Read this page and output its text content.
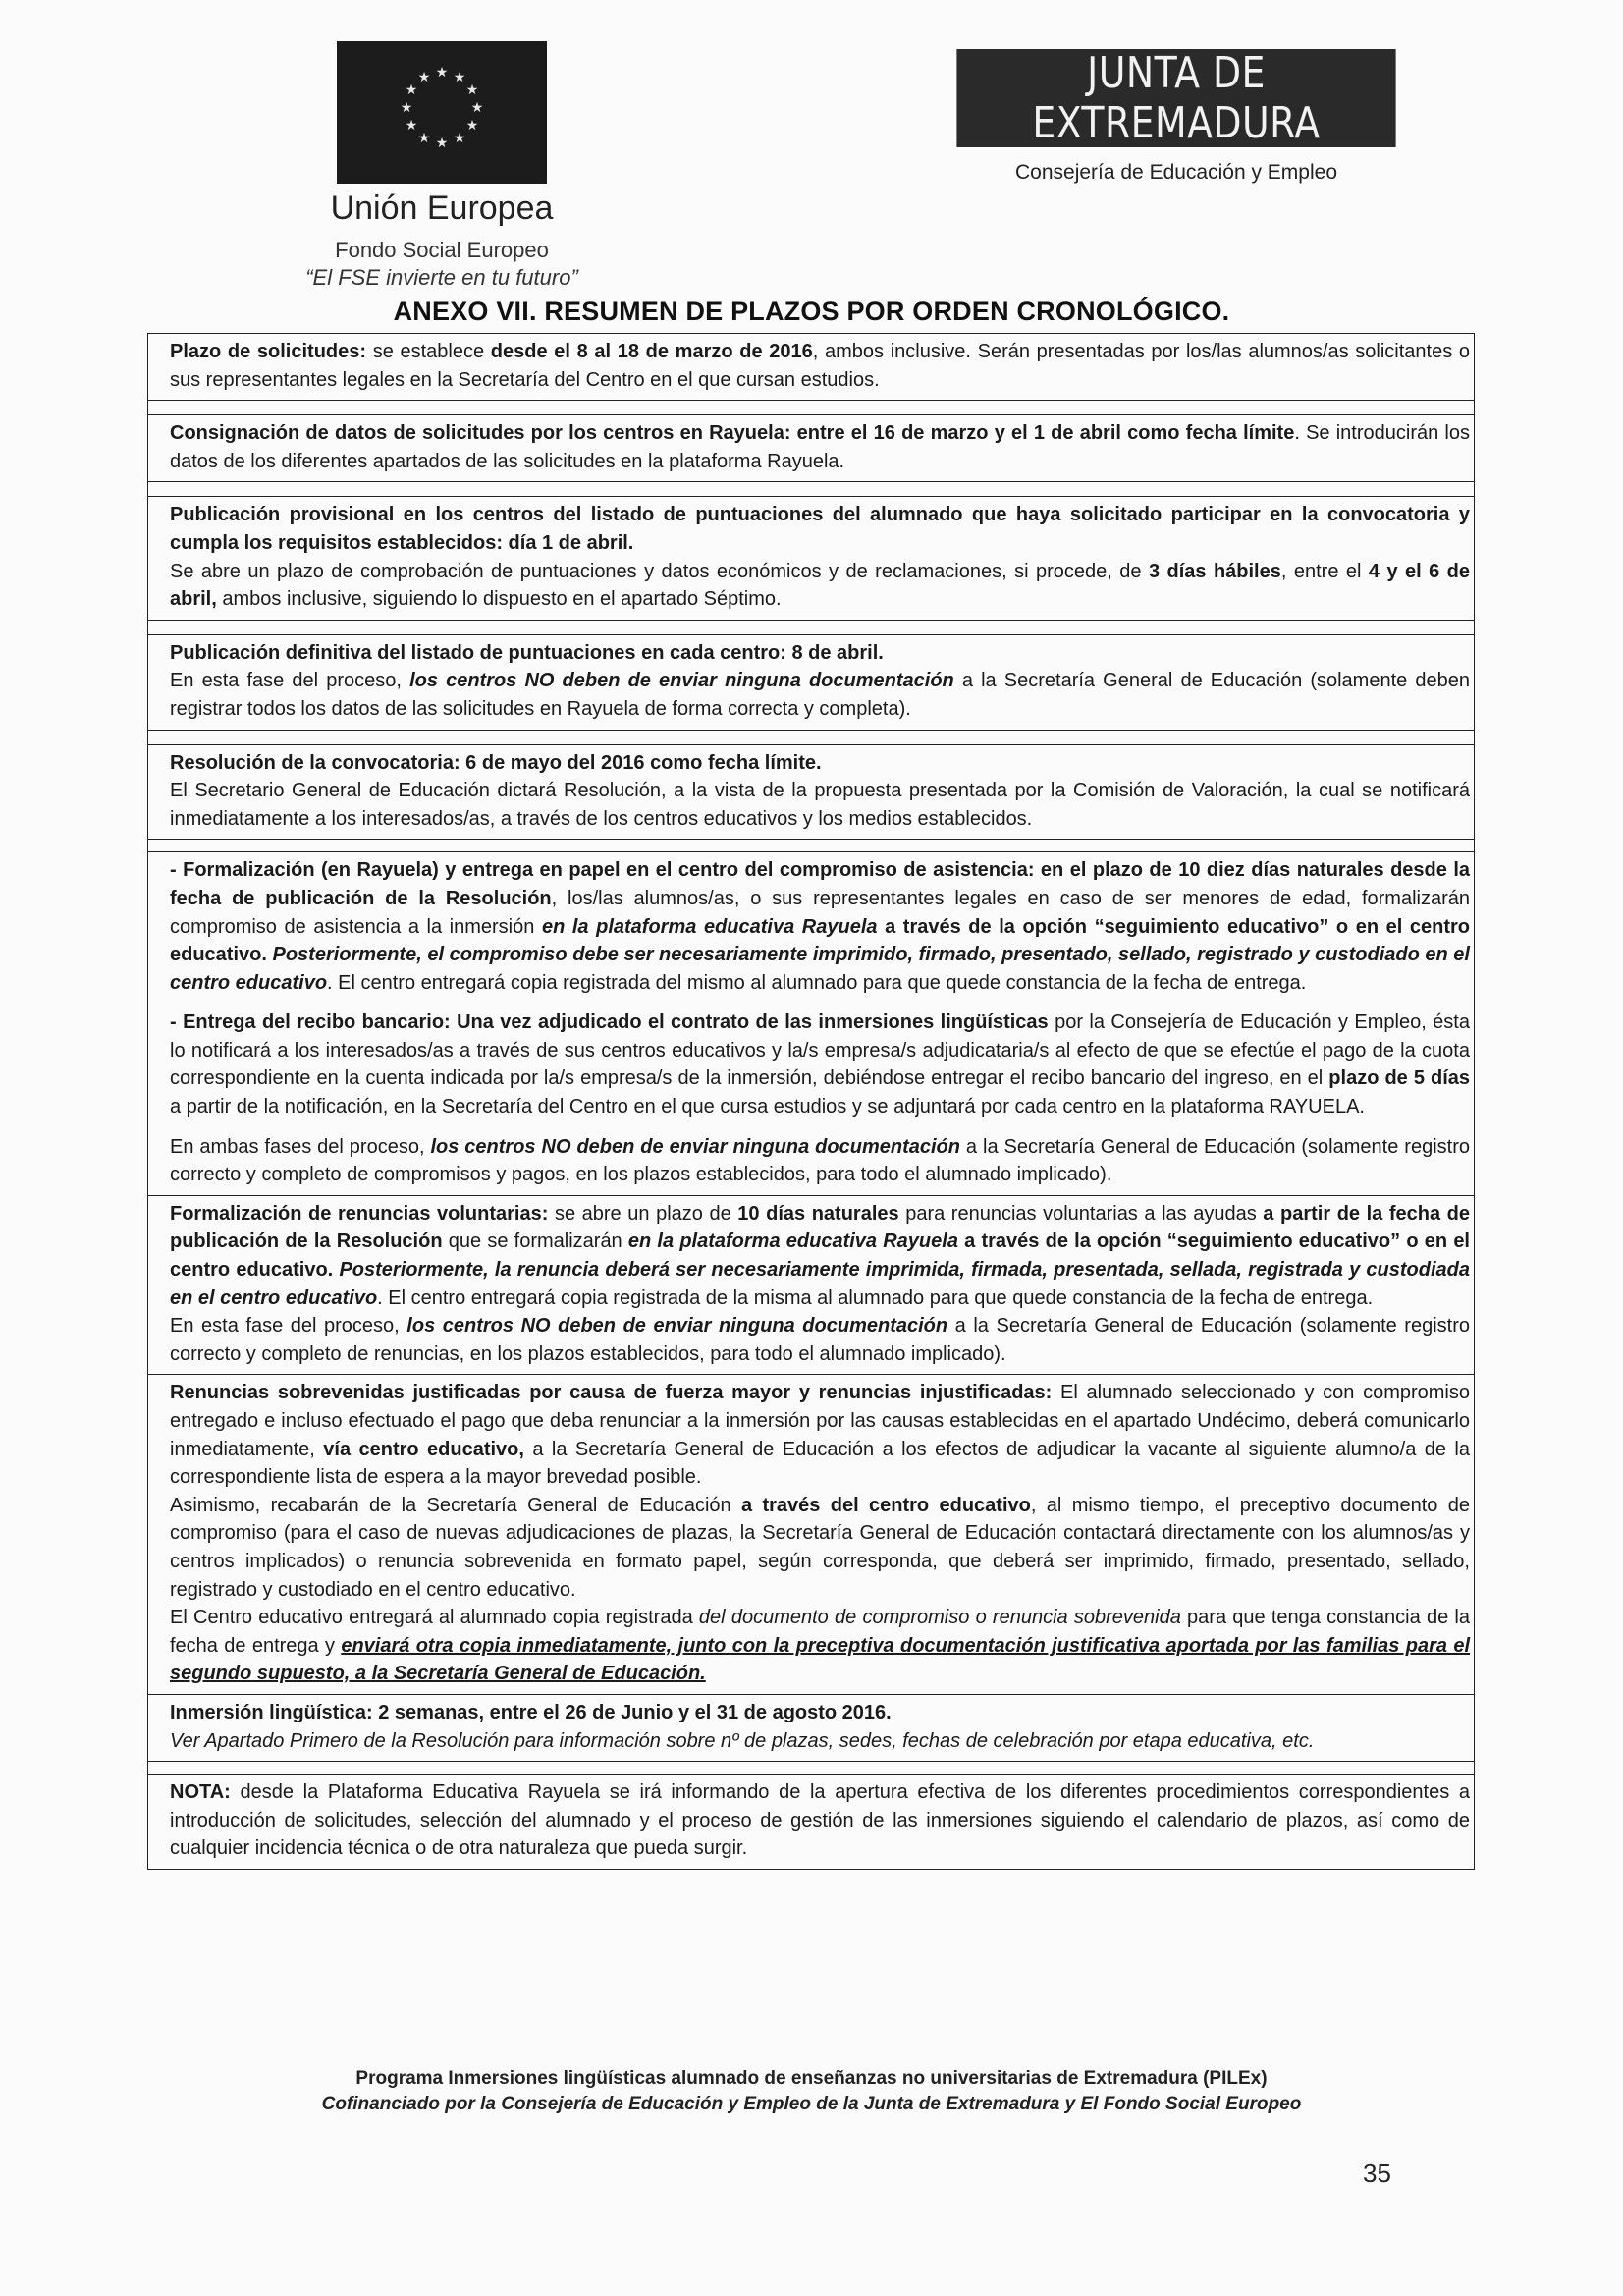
★ ★
★
★
★
★
★
★
★
★
★
★
Unión Europea
Fondo Social Europeo
“El FSE invierte en tu futuro”
JUNTA DE EXTREMADURA
Consejería de Educación y Empleo
ANEXO VII. RESUMEN DE PLAZOS POR ORDEN CRONOLÓGICO.

Plazo de solicitudes: se establece desde el 8 al 18 de marzo de 2016, ambos inclusive. Serán presentadas por los/las alumnos/as solicitantes o sus representantes legales en la Secretaría del Centro en el que cursan estudios.

Consignación de datos de solicitudes por los centros en Rayuela: entre el 16 de marzo y el 1 de abril como fecha límite. Se introducirán los datos de los diferentes apartados de las solicitudes en la plataforma Rayuela.

Publicación provisional en los centros del listado de puntuaciones del alumnado que haya solicitado participar en la convocatoria y cumpla los requisitos establecidos: día 1 de abril.

Se abre un plazo de comprobación de puntuaciones y datos económicos y de reclamaciones, si procede, de 3 días hábiles, entre el 4 y el 6 de abril, ambos inclusive, siguiendo lo dispuesto en el apartado Séptimo.

Publicación definitiva del listado de puntuaciones en cada centro: 8 de abril.

En esta fase del proceso, los centros NO deben de enviar ninguna documentación a la Secretaría General de Educación (solamente deben registrar todos los datos de las solicitudes en Rayuela de forma correcta y completa).

Resolución de la convocatoria: 6 de mayo del 2016 como fecha límite.

El Secretario General de Educación dictará Resolución, a la vista de la propuesta presentada por la Comisión de Valoración, la cual se notificará inmediatamente a los interesados/as, a través de los centros educativos y los medios establecidos.

- Formalización (en Rayuela) y entrega en papel en el centro del compromiso de asistencia: en el plazo de 10 diez días naturales desde la fecha de publicación de la Resolución, los/las alumnos/as, o sus representantes legales en caso de ser menores de edad, formalizarán compromiso de asistencia a la inmersión en la plataforma educativa Rayuela a través de la opción “seguimiento educativo” o en el centro educativo. Posteriormente, el compromiso debe ser necesariamente imprimido, firmado, presentado, sellado, registrado y custodiado en el centro educativo. El centro entregará copia registrada del mismo al alumnado para que quede constancia de la fecha de entrega.

- Entrega del recibo bancario: Una vez adjudicado el contrato de las inmersiones lingüísticas por la Consejería de Educación y Empleo, ésta lo notificará a los interesados/as a través de sus centros educativos y la/s empresa/s adjudicataria/s al efecto de que se efectúe el pago de la cuota correspondiente en la cuenta indicada por la/s empresa/s de la inmersión, debiéndose entregar el recibo bancario del ingreso, en el plazo de 5 días a partir de la notificación, en la Secretaría del Centro en el que cursa estudios y se adjuntará por cada centro en la plataforma RAYUELA.

En ambas fases del proceso, los centros NO deben de enviar ninguna documentación a la Secretaría General de Educación (solamente registro correcto y completo de compromisos y pagos, en los plazos establecidos, para todo el alumnado implicado).

Formalización de renuncias voluntarias: se abre un plazo de 10 días naturales para renuncias voluntarias a las ayudas a partir de la fecha de publicación de la Resolución que se formalizarán en la plataforma educativa Rayuela a través de la opción “seguimiento educativo” o en el centro educativo. Posteriormente, la renuncia deberá ser necesariamente imprimida, firmada, presentada, sellada, registrada y custodiada en el centro educativo. El centro entregará copia registrada de la misma al alumnado para que quede constancia de la fecha de entrega.

En esta fase del proceso, los centros NO deben de enviar ninguna documentación a la Secretaría General de Educación (solamente registro correcto y completo de renuncias, en los plazos establecidos, para todo el alumnado implicado).

Renuncias sobrevenidas justificadas por causa de fuerza mayor y renuncias injustificadas: El alumnado seleccionado y con compromiso entregado e incluso efectuado el pago que deba renunciar a la inmersión por las causas establecidas en el apartado Undécimo, deberá comunicarlo inmediatamente, vía centro educativo, a la Secretaría General de Educación a los efectos de adjudicar la vacante al siguiente alumno/a de la correspondiente lista de espera a la mayor brevedad posible.

Asimismo, recabarán de la Secretaría General de Educación a través del centro educativo, al mismo tiempo, el preceptivo documento de compromiso (para el caso de nuevas adjudicaciones de plazas, la Secretaría General de Educación contactará directamente con los alumnos/as y centros implicados) o renuncia sobrevenida en formato papel, según corresponda, que deberá ser imprimido, firmado, presentado, sellado, registrado y custodiado en el centro educativo.

El Centro educativo entregará al alumnado copia registrada del documento de compromiso o renuncia sobrevenida para que tenga constancia de la fecha de entrega y enviará otra copia inmediatamente, junto con la preceptiva documentación justificativa aportada por las familias para el segundo supuesto, a la Secretaría General de Educación.

Inmersión lingüística: 2 semanas, entre el 26 de Junio y el 31 de agosto 2016.

Ver Apartado Primero de la Resolución para información sobre nº de plazas, sedes, fechas de celebración por etapa educativa, etc.

NOTA: desde la Plataforma Educativa Rayuela se irá informando de la apertura efectiva de los diferentes procedimientos correspondientes a introducción de solicitudes, selección del alumnado y el proceso de gestión de las inmersiones siguiendo el calendario de plazos, así como de cualquier incidencia técnica o de otra naturaleza que pueda surgir.

Programa Inmersiones lingüísticas alumnado de enseñanzas no universitarias de Extremadura (PILEx)
Cofinanciado por la Consejería de Educación y Empleo de la Junta de Extremadura y El Fondo Social Europeo
35
